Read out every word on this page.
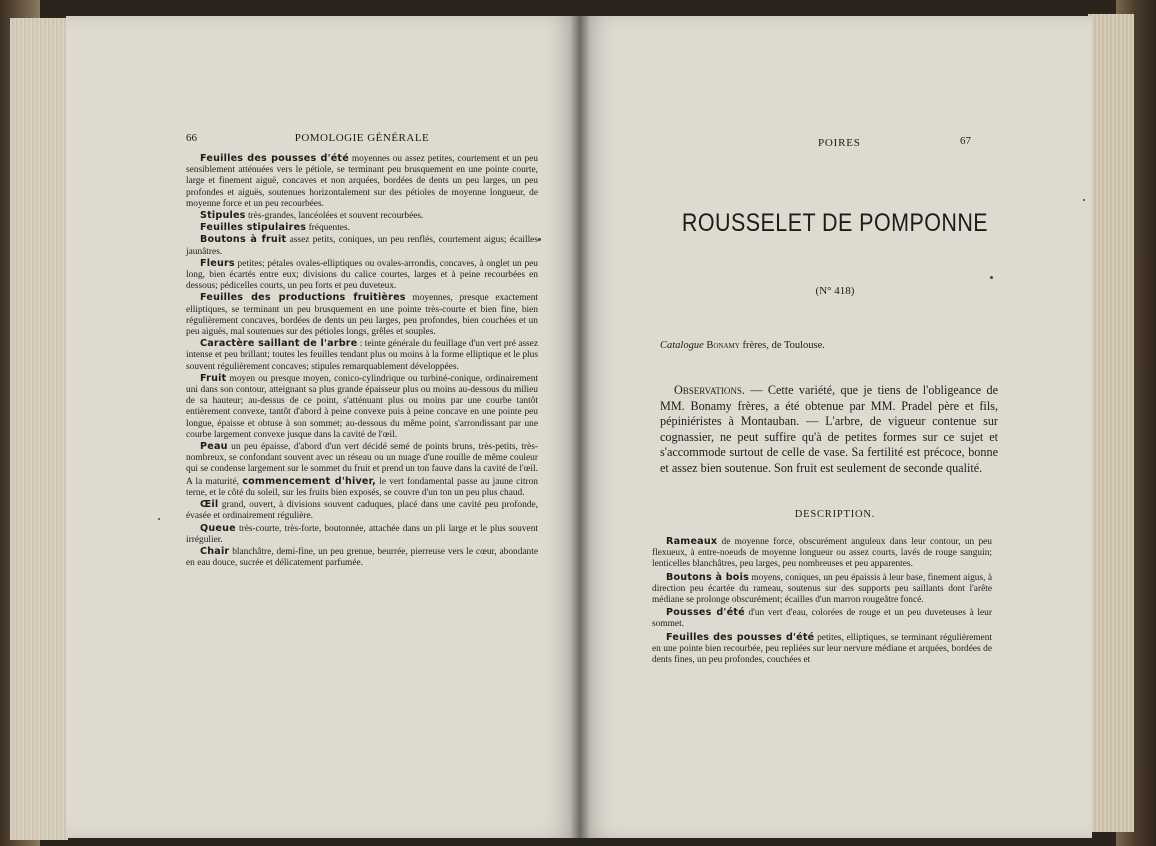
66	POMOLOGIE GÉNÉRALE

Feuilles des pousses d'été moyennes ou assez petites, courtement et un peu sensiblement atténuées vers le pétiole, se terminant peu brusquement en une pointe courte, large et finement aiguë, concaves et non arquées, bordées de dents un peu larges, un peu profondes et aiguës, soutenues horizontalement sur des pétioles de moyenne longueur, de moyenne force et un peu recourbées.

Stipules très-grandes, lancéolées et souvent recourbées.

Feuilles stipulaires fréquentes.

Boutons à fruit assez petits, coniques, un peu renflés, courtement aigus; écailles jaunâtres.

Fleurs petites; pétales ovales-elliptiques ou ovales-arrondis, concaves, à onglet un peu long, bien écartés entre eux; divisions du calice courtes, larges et à peine recourbées en dessous; pédicelles courts, un peu forts et peu duveteux.

Feuilles des productions fruitières moyennes, presque exactement elliptiques, se terminant un peu brusquement en une pointe très-courte et bien fine, bien régulièrement concaves, bordées de dents un peu larges, peu profondes, bien couchées et un peu aiguës, mal soutenues sur des pétioles longs, grêles et souples.

Caractère saillant de l'arbre : teinte générale du feuillage d'un vert pré assez intense et peu brillant; toutes les feuilles tendant plus ou moins à la forme elliptique et le plus souvent régulièrement concaves; stipules remarquablement développées.

Fruit moyen ou presque moyen, conico-cylindrique ou turbiné-conique, ordinairement uni dans son contour, atteignant sa plus grande épaisseur plus ou moins au-dessous du milieu de sa hauteur; au-dessus de ce point, s'atténuant plus ou moins par une courbe tantôt entièrement convexe, tantôt d'abord à peine convexe puis à peine concave en une pointe peu longue, épaisse et obtuse à son sommet; au-dessous du même point, s'arrondissant par une courbe largement convexe jusque dans la cavité de l'œil.

Peau un peu épaisse, d'abord d'un vert décidé semé de points bruns, très-petits, très-nombreux, se confondant souvent avec un réseau ou un nuage d'une rouille de même couleur qui se condense largement sur le sommet du fruit et prend un ton fauve dans la cavité de l'œil. A la maturité, commencement d'hiver, le vert fondamental passe au jaune citron terne, et le côté du soleil, sur les fruits bien exposés, se couvre d'un ton un peu plus chaud.

Œil grand, ouvert, à divisions souvent caduques, placé dans une cavité peu profonde, évasée et ordinairement régulière.

Queue très-courte, très-forte, boutonnée, attachée dans un pli large et le plus souvent irrégulier.

Chair blanchâtre, demi-fine, un peu grenue, beurrée, pierreuse vers le cœur, abondante en eau douce, sucrée et délicatement parfumée.

POIRES	67
ROUSSELET DE POMPONNE
(N° 418)
Catalogue Bonamy frères, de Toulouse.

Observations. — Cette variété, que je tiens de l'obligeance de MM. Bonamy frères, a été obtenue par MM. Pradel père et fils, pépiniéristes à Montauban. — L'arbre, de vigueur contenue sur cognassier, ne peut suffire qu'à de petites formes sur ce sujet et s'accommode surtout de celle de vase. Sa fertilité est précoce, bonne et assez bien soutenue. Son fruit est seulement de seconde qualité.

DESCRIPTION.

Rameaux de moyenne force, obscurément anguleux dans leur contour, un peu flexueux, à entre-noeuds de moyenne longueur ou assez courts, lavés de rouge sanguin; lenticelles blanchâtres, peu larges, peu nombreuses et peu apparentes.

Boutons à bois moyens, coniques, un peu épaissis à leur base, finement aigus, à direction peu écartée du rameau, soutenus sur des supports peu saillants dont l'arête médiane se prolonge obscurément; écailles d'un marron rougeâtre foncé.

Pousses d'été d'un vert d'eau, colorées de rouge et un peu duveteuses à leur sommet.

Feuilles des pousses d'été petites, elliptiques, se terminant régulièrement en une pointe bien recourbée, peu repliées sur leur nervure médiane et arquées, bordées de dents fines, un peu profondes, couchées et
